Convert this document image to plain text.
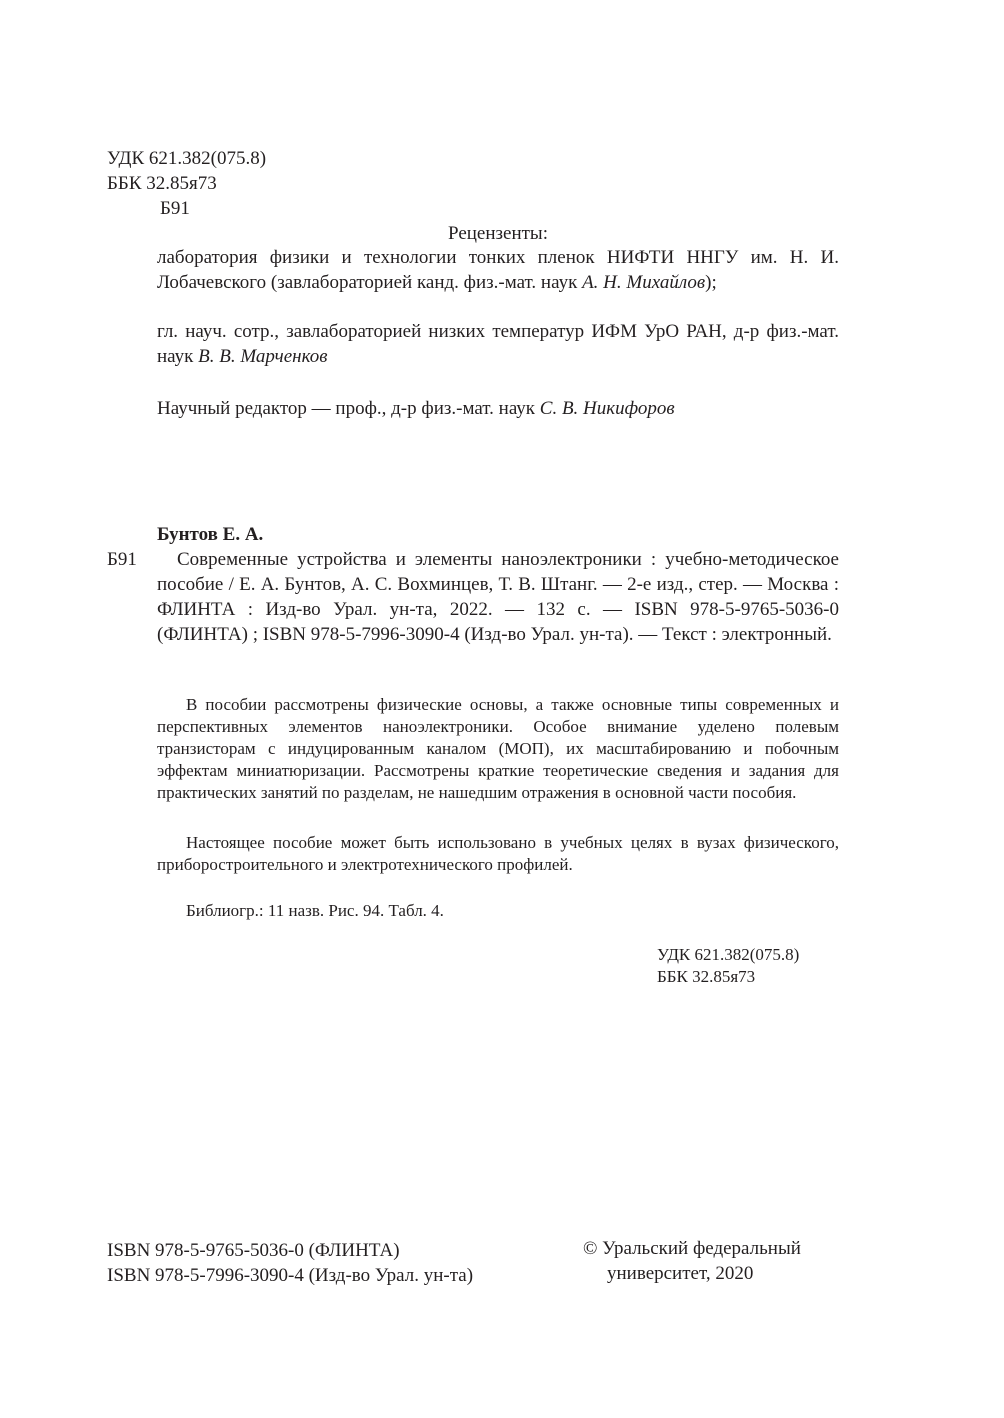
УДК 621.382(075.8)
ББК 32.85я73
Б91
Рецензенты:

лаборатория физики и технологии тонких пленок НИФТИ ННГУ им. Н. И. Лобачевского (завлабораторией канд. физ.-мат. наук А. Н. Михайлов);

гл. науч. сотр., завлабораторией низких температур ИФМ УрО РАН, д-р физ.-мат. наук В. В. Марченков

Научный редактор — проф., д-р физ.-мат. наук С. В. Никифоров

Бунтов Е. А.
Б91	Современные устройства и элементы наноэлектроники : учебно-методическое пособие / Е. А. Бунтов, А. С. Вохминцев, Т. В. Штанг. — 2-е изд., стер. — Москва : ФЛИНТА : Изд-во Урал. ун-та, 2022. — 132 с. — ISBN 978-5-9765-5036-0 (ФЛИНТА) ; ISBN 978-5-7996-3090-4 (Изд-во Урал. ун-та). — Текст : электронный.

В пособии рассмотрены физические основы, а также основные типы современных и перспективных элементов наноэлектроники. Особое внимание уделено полевым транзисторам с индуцированным каналом (МОП), их масштабированию и побочным эффектам миниатюризации. Рассмотрены краткие теоретические сведения и задания для практических занятий по разделам, не нашедшим отражения в основной части пособия.

Настоящее пособие может быть использовано в учебных целях в вузах физического, приборостроительного и электротехнического профилей.

Библиогр.: 11 назв. Рис. 94. Табл. 4.

УДК 621.382(075.8)
ББК 32.85я73
ISBN 978-5-9765-5036-0 (ФЛИНТА)
ISBN 978-5-7996-3090-4 (Изд-во Урал. ун-та)
© Уральский федеральный
университет, 2020
